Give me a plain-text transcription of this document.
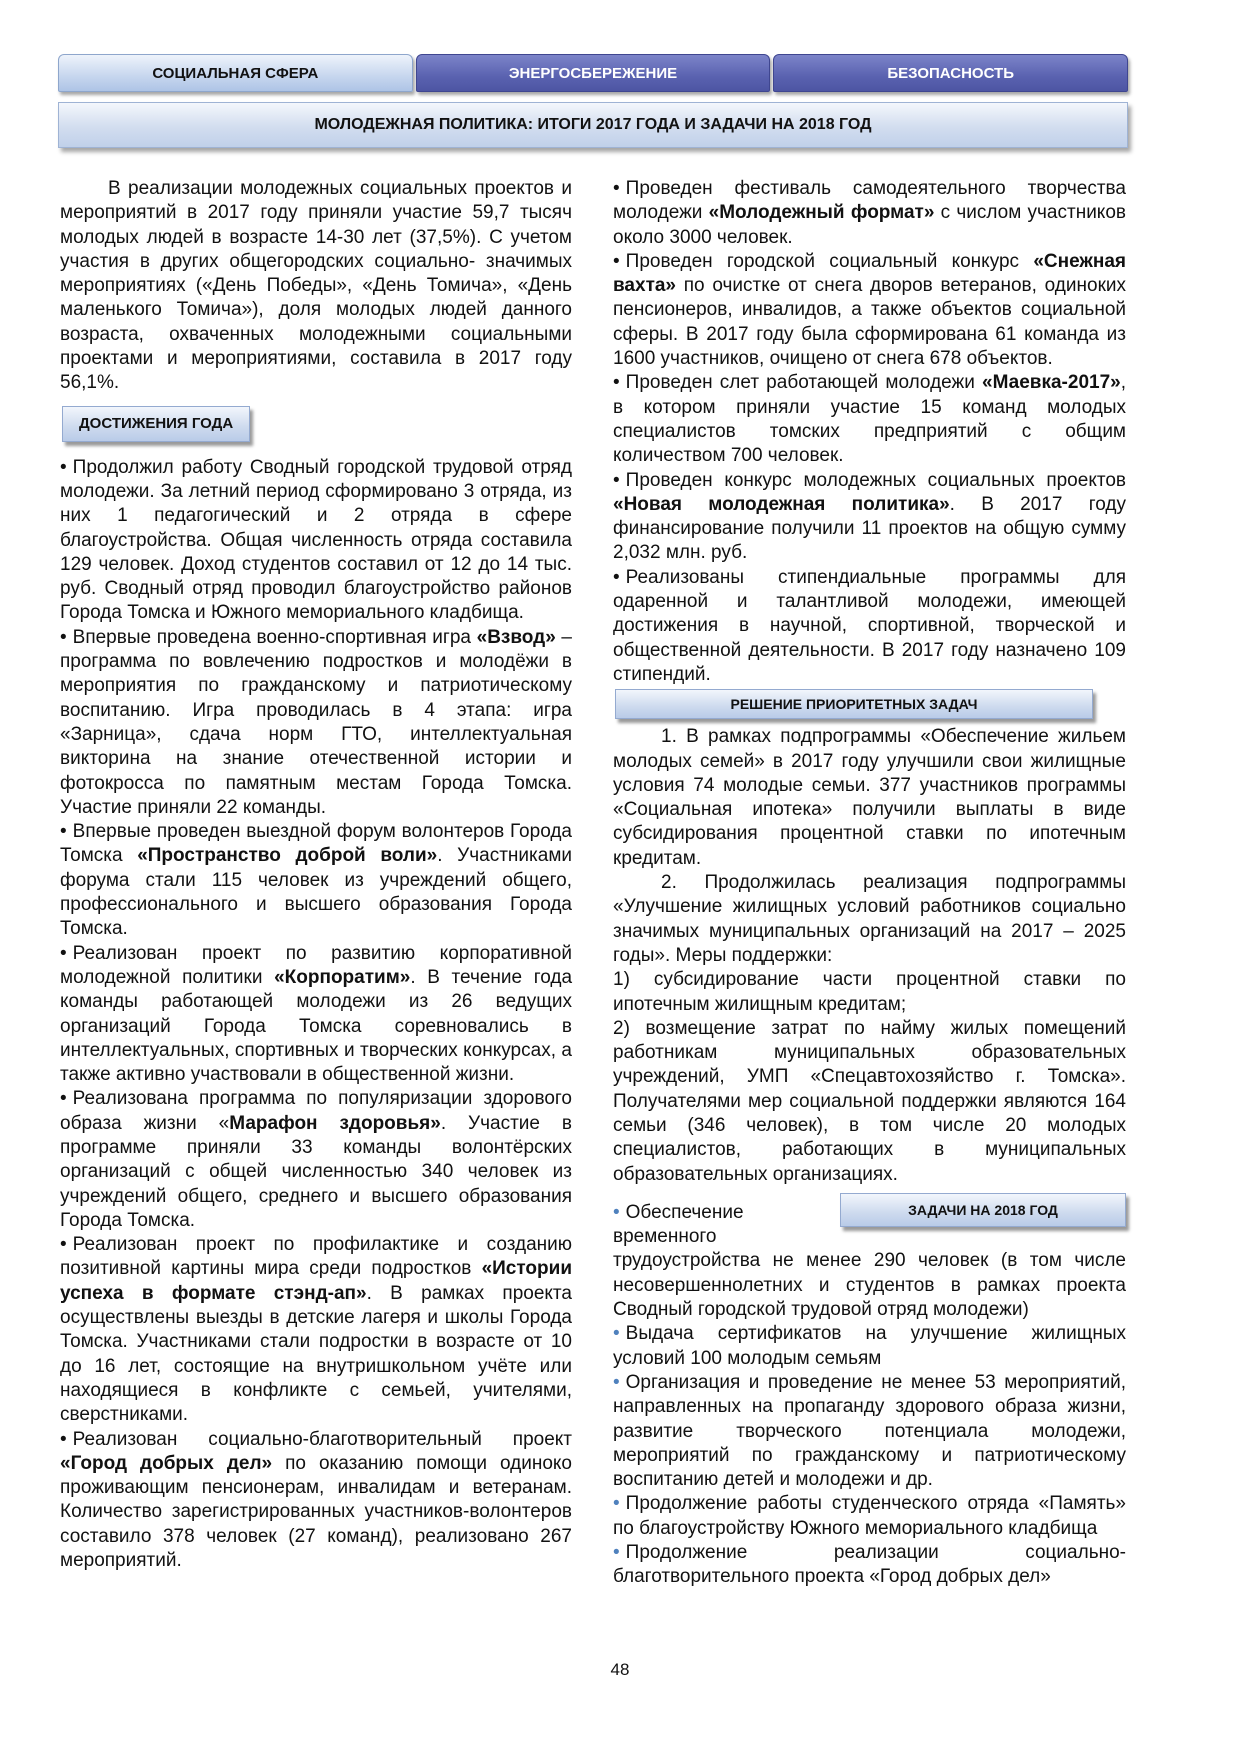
СОЦИАЛЬНАЯ СФЕРА	ЭНЕРГОСБЕРЕЖЕНИЕ	БЕЗОПАСНОСТЬ
МОЛОДЕЖНАЯ ПОЛИТИКА: ИТОГИ 2017 ГОДА И ЗАДАЧИ НА 2018 ГОД

В реализации молодежных социальных проектов и мероприятий в 2017 году приняли участие 59,7 тысяч молодых людей в возрасте 14-30 лет (37,5%). С учетом участия в других общегородских социально- значимых мероприятиях («День Победы», «День Томича», «День маленького Томича»), доля молодых людей данного возраста, охваченных молодежными социальными проектами и мероприятиями, составила в 2017 году 56,1%.

ДОСТИЖЕНИЯ ГОДА

• Продолжил работу Сводный городской трудовой отряд молодежи. За летний период сформировано 3 отряда, из них 1 педагогический и 2 отряда в сфере благоустройства. Общая численность отряда составила 129 человек. Доход студентов составил от 12 до 14 тыс. руб. Сводный отряд проводил благоустройство районов Города Томска и Южного мемориального кладбища.

• Впервые проведена военно-спортивная игра «Взвод» – программа по вовлечению подростков и молодёжи в мероприятия по гражданскому и патриотическому воспитанию. Игра проводилась в 4 этапа: игра «Зарница», сдача норм ГТО, интеллектуальная викторина на знание отечественной истории и фотокросса по памятным местам Города Томска. Участие приняли 22 команды.

• Впервые проведен выездной форум волонтеров Города Томска «Пространство доброй воли». Участниками форума стали 115 человек из учреждений общего, профессионального и высшего образования Города Томска.

• Реализован проект по развитию корпоративной молодежной политики «Корпоратим». В течение года команды работающей молодежи из 26 ведущих организаций Города Томска соревновались в интеллектуальных, спортивных и творческих конкурсах, а также активно участвовали в общественной жизни.

• Реализована программа по популяризации здорового образа жизни «Марафон здоровья». Участие в программе приняли 33 команды волонтёрских организаций с общей численностью 340 человек из учреждений общего, среднего и высшего образования Города Томска.

• Реализован проект по профилактике и созданию позитивной картины мира среди подростков «Истории успеха в формате стэнд-ап». В рамках проекта осуществлены выезды в детские лагеря и школы Города Томска. Участниками стали подростки в возрасте от 10 до 16 лет, состоящие на внутришкольном учёте или находящиеся в конфликте с семьей, учителями, сверстниками.

• Реализован социально-благотворительный проект «Город добрых дел» по оказанию помощи одиноко проживающим пенсионерам, инвалидам и ветеранам. Количество зарегистрированных участников-волонтеров составило 378 человек (27 команд), реализовано 267 мероприятий.

• Проведен фестиваль самодеятельного творчества молодежи «Молодежный формат» с числом участников около 3000 человек.

• Проведен городской социальный конкурс «Снежная вахта» по очистке от снега дворов ветеранов, одиноких пенсионеров, инвалидов, а также объектов социальной сферы. В 2017 году была сформирована 61 команда из 1600 участников, очищено от снега 678 объектов.

• Проведен слет работающей молодежи «Маевка-2017», в котором приняли участие 15 команд молодых специалистов томских предприятий с общим количеством 700 человек.

• Проведен конкурс молодежных социальных проектов «Новая молодежная политика». В 2017 году финансирование получили 11 проектов на общую сумму 2,032 млн. руб.

• Реализованы стипендиальные программы для одаренной и талантливой молодежи, имеющей достижения в научной, спортивной, творческой и общественной деятельности. В 2017 году назначено 109 стипендий.

РЕШЕНИЕ ПРИОРИТЕТНЫХ ЗАДАЧ

1. В рамках подпрограммы «Обеспечение жильем молодых семей» в 2017 году улучшили свои жилищные условия 74 молодые семьи. 377 участников программы «Социальная ипотека» получили выплаты в виде субсидирования процентной ставки по ипотечным кредитам.

2. Продолжилась реализация подпрограммы «Улучшение жилищных условий работников социально значимых муниципальных организаций на 2017 – 2025 годы». Меры поддержки:

1) субсидирование части процентной ставки по ипотечным жилищным кредитам;

2) возмещение затрат по найму жилых помещений работникам муниципальных образовательных учреждений, УМП «Спецавтохозяйство г. Томска». Получателями мер социальной поддержки являются 164 семьи (346 человек), в том числе 20 молодых специалистов, работающих в муниципальных образовательных организациях.

ЗАДАЧИ НА 2018 ГОД

• Обеспечение временного трудоустройства не менее 290 человек (в том числе несовершеннолетних и студентов в рамках проекта Сводный городской трудовой отряд молодежи)

• Выдача сертификатов на улучшение жилищных условий 100 молодым семьям

• Организация и проведение не менее 53 мероприятий, направленных на пропаганду здорового образа жизни, развитие творческого потенциала молодежи, мероприятий по гражданскому и патриотическому воспитанию детей и молодежи и др.

• Продолжение работы студенческого отряда «Память» по благоустройству Южного мемориального кладбища

• Продолжение реализации социально-благотворительного проекта «Город добрых дел»

48
